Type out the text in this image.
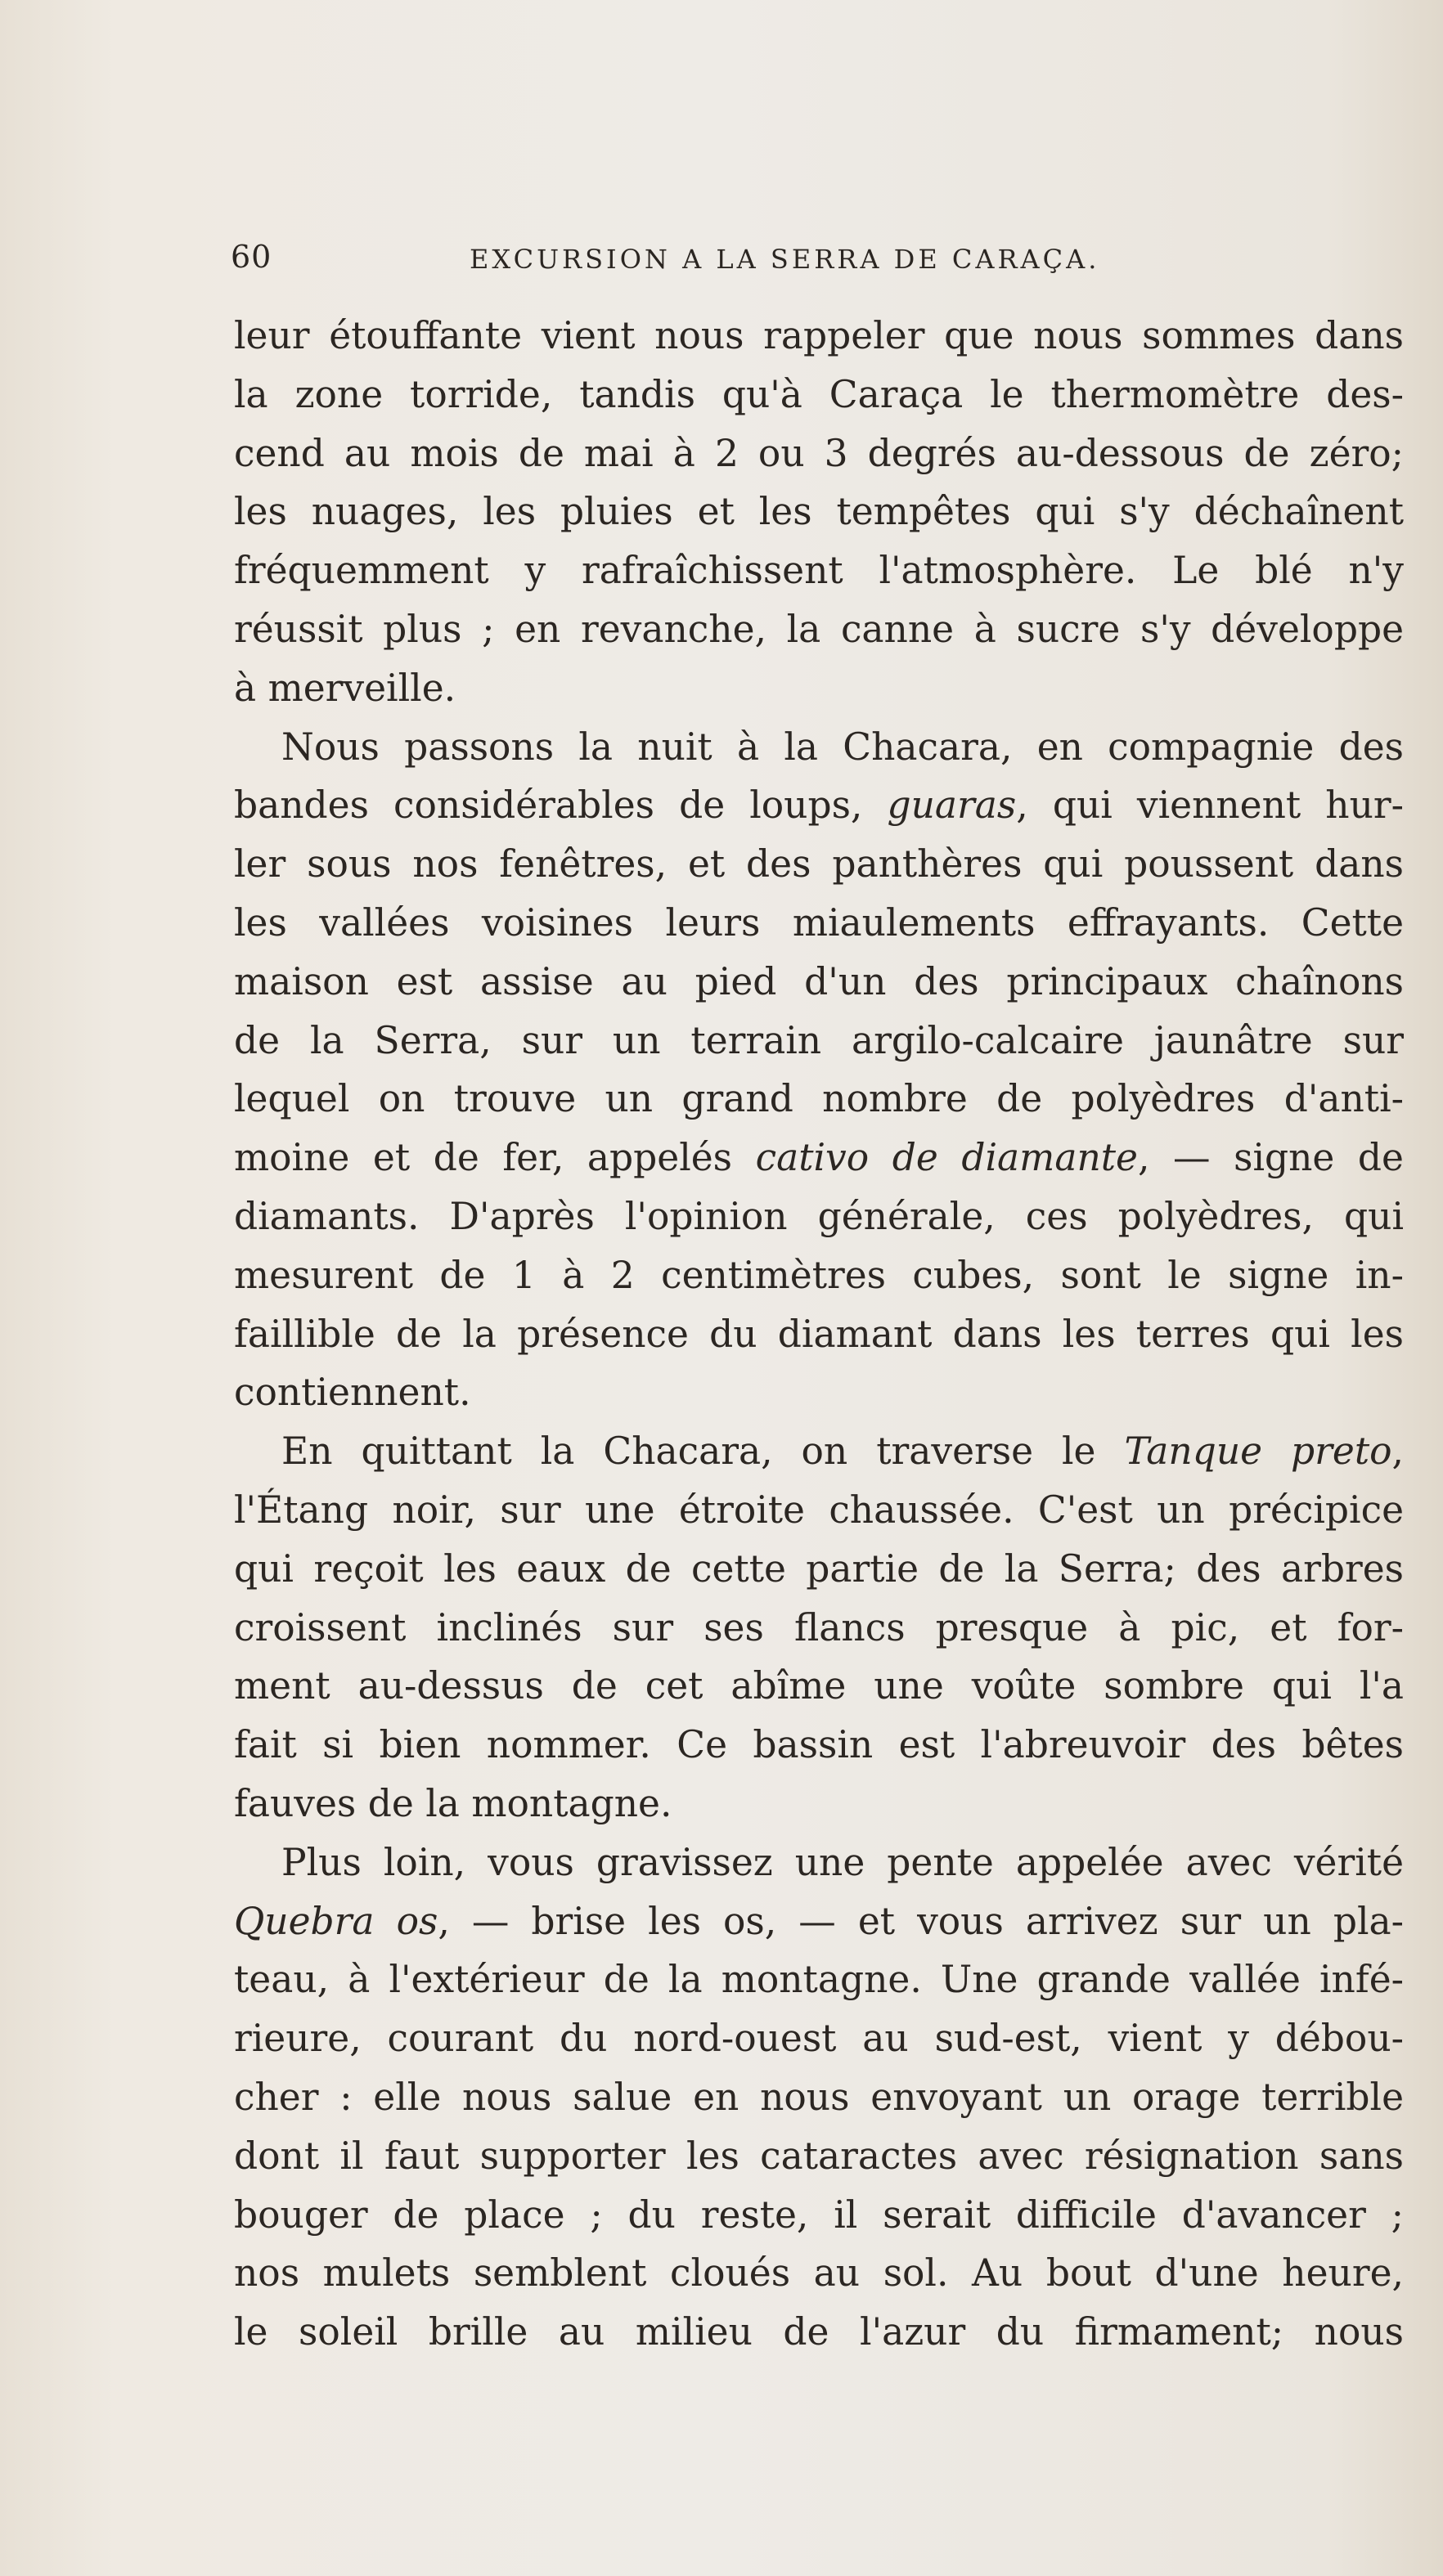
60	EXCURSION A LA SERRA DE CARAÇA.

leur étouffante vient nous rappeler que nous sommes dans
la zone torride, tandis qu'à Caraça le thermomètre des-
cend au mois de mai à 2 ou 3 degrés au-dessous de zéro;
les nuages, les pluies et les tempêtes qui s'y déchaînent
fréquemment y rafraîchissent l'atmosphère. Le blé n'y
réussit plus ; en revanche, la canne à sucre s'y développe
à merveille.

Nous passons la nuit à la Chacara, en compagnie des
bandes considérables de loups, guaras, qui viennent hur-
ler sous nos fenêtres, et des panthères qui poussent dans
les vallées voisines leurs miaulements effrayants. Cette
maison est assise au pied d'un des principaux chaînons
de la Serra, sur un terrain argilo-calcaire jaunâtre sur
lequel on trouve un grand nombre de polyèdres d'anti-
moine et de fer, appelés cativo de diamante, — signe de
diamants. D'après l'opinion générale, ces polyèdres, qui
mesurent de 1 à 2 centimètres cubes, sont le signe in-
faillible de la présence du diamant dans les terres qui les
contiennent.

En quittant la Chacara, on traverse le Tanque preto,
l'Étang noir, sur une étroite chaussée. C'est un précipice
qui reçoit les eaux de cette partie de la Serra; des arbres
croissent inclinés sur ses flancs presque à pic, et for-
ment au-dessus de cet abîme une voûte sombre qui l'a
fait si bien nommer. Ce bassin est l'abreuvoir des bêtes
fauves de la montagne.

Plus loin, vous gravissez une pente appelée avec vérité
Quebra os, — brise les os, — et vous arrivez sur un pla-
teau, à l'extérieur de la montagne. Une grande vallée infé-
rieure, courant du nord-ouest au sud-est, vient y débou-
cher : elle nous salue en nous envoyant un orage terrible
dont il faut supporter les cataractes avec résignation sans
bouger de place ; du reste, il serait difficile d'avancer ;
nos mulets semblent cloués au sol. Au bout d'une heure,
le soleil brille au milieu de l'azur du firmament; nous
